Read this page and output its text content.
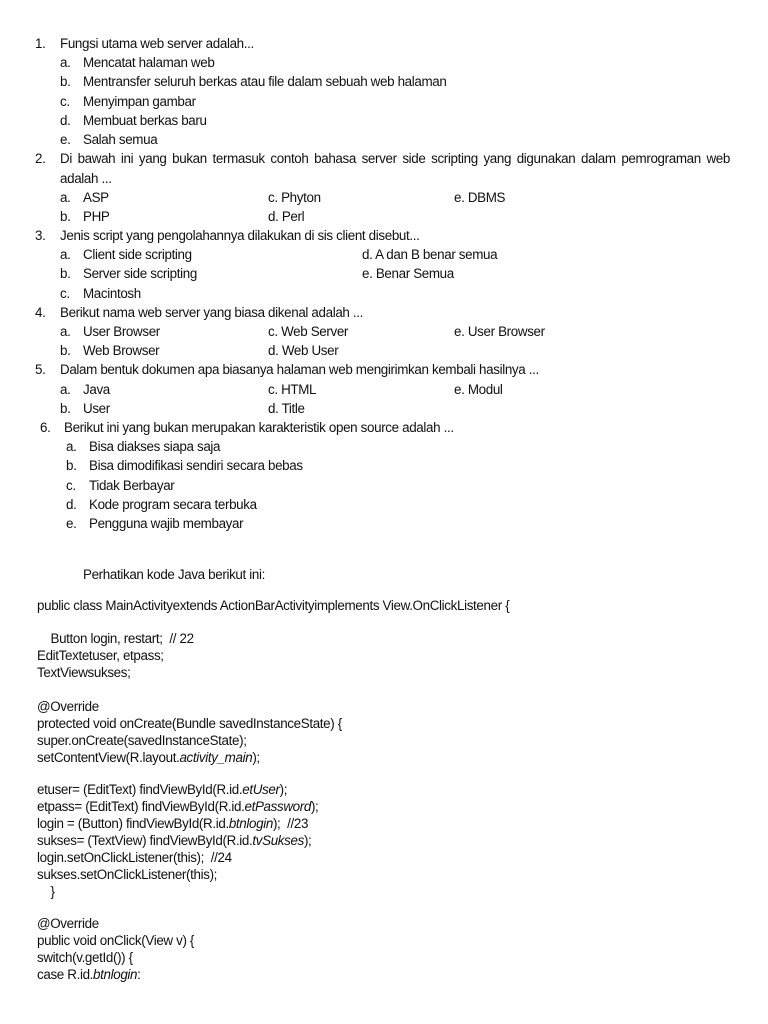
1. Fungsi utama web server adalah...
a. Mencatat halaman web
b. Mentransfer seluruh berkas atau file dalam sebuah web halaman
c. Menyimpan gambar
d. Membuat berkas baru
e. Salah semua
2. Di bawah ini yang bukan termasuk contoh bahasa server side scripting yang digunakan dalam pemrograman web
adalah ...
a. ASP
b. PHP
c. Phyton
d. Perl
e. DBMS
3. Jenis script yang pengolahannya dilakukan di sis client disebut...
a. Client side scripting
b. Server side scripting
c. Macintosh
d. A dan B benar semua
e. Benar Semua
4. Berikut nama web server yang biasa dikenal adalah ...
a. User Browser
b. Web Browser
c. Web Server
d. Web User
e. User Browser
5. Dalam bentuk dokumen apa biasanya halaman web mengirimkan kembali hasilnya ...
a. Java
b. User
c. HTML
d. Title
e. Modul
6. Berikut ini yang bukan merupakan karakteristik open source adalah ...
a. Bisa diakses siapa saja
b. Bisa dimodifikasi sendiri secara bebas
c. Tidak Berbayar
d. Kode program secara terbuka
e. Pengguna wajib membayar
Perhatikan kode Java berikut ini:
public class MainActivityextends ActionBarActivityimplements View.OnClickListener {
Button login, restart;  // 22
EditTextetuser, etpass;
TextViewsukses;
@Override
protected void onCreate(Bundle savedInstanceState) {
super.onCreate(savedInstanceState);
setContentView(R.layout.activity_main);
etuser= (EditText) findViewById(R.id.etUser);
etpass= (EditText) findViewById(R.id.etPassword);
login = (Button) findViewById(R.id.btnlogin);  //23
sukses= (TextView) findViewById(R.id.tvSukses);
login.setOnClickListener(this);  //24
sukses.setOnClickListener(this);
}
@Override
public void onClick(View v) {
switch(v.getId()) {
case R.id.btnlogin:
